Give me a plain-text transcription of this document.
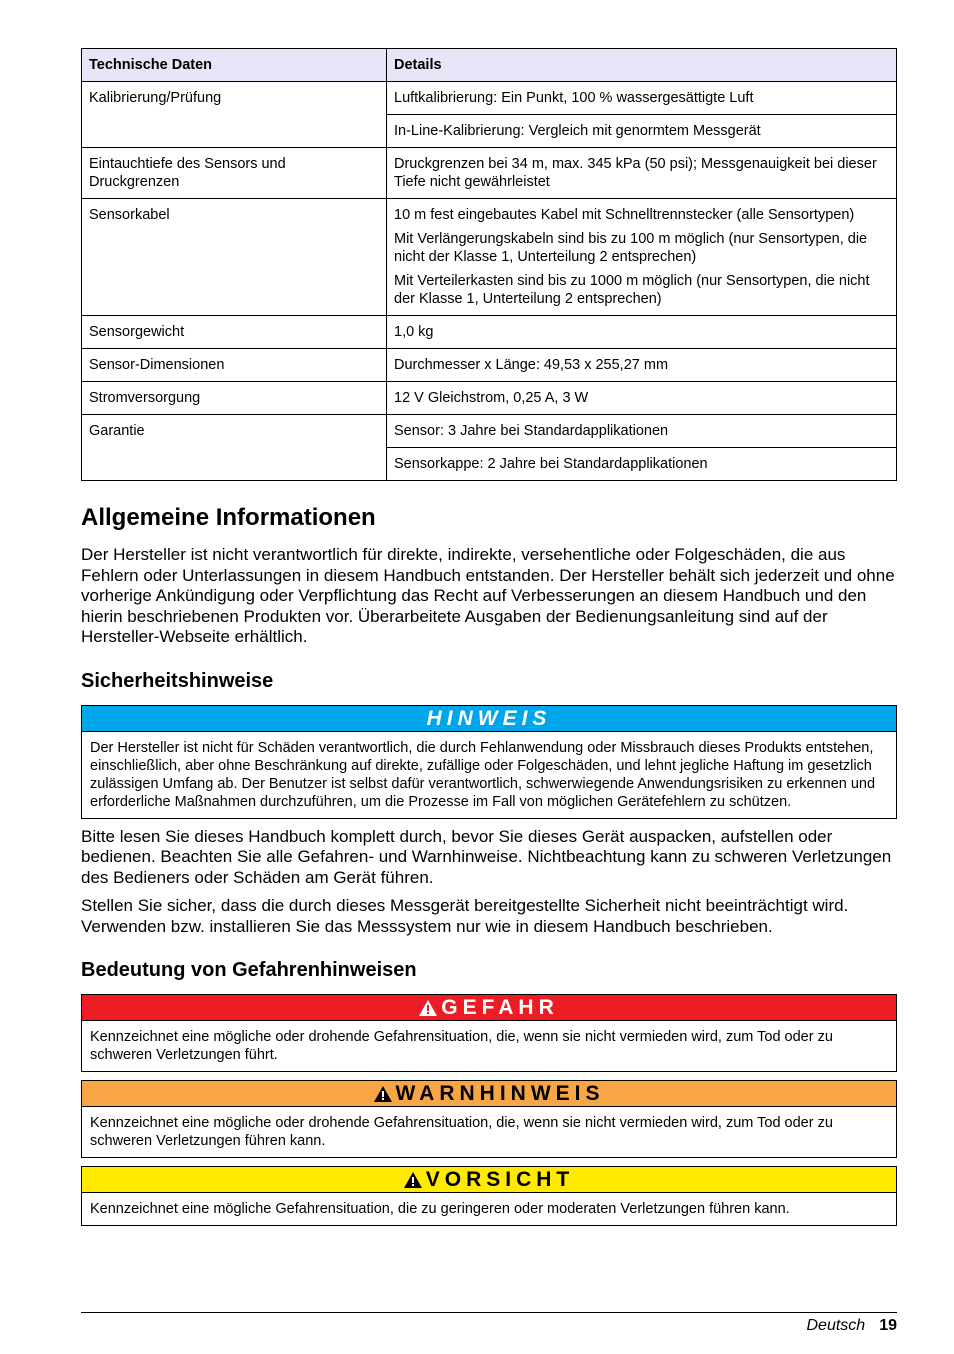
Technische Daten	Details
Kalibrierung/Prüfung	Luftkalibrierung: Ein Punkt, 100 % wassergesättigte Luft
	In-Line-Kalibrierung: Vergleich mit genormtem Messgerät
Eintauchtiefe des Sensors und Druckgrenzen	Druckgrenzen bei 34 m, max. 345 kPa (50 psi); Messgenauigkeit bei dieser Tiefe nicht gewährleistet
Sensorkabel	10 m fest eingebautes Kabel mit Schnelltrennstecker (alle Sensortypen)
Mit Verlängerungskabeln sind bis zu 100 m möglich (nur Sensortypen, die nicht der Klasse 1, Unterteilung 2 entsprechen)
Mit Verteilerkasten sind bis zu 1000 m möglich (nur Sensortypen, die nicht der Klasse 1, Unterteilung 2 entsprechen)

Sensorgewicht	1,0 kg
Sensor-Dimensionen	Durchmesser x Länge: 49,53 x 255,27 mm
Stromversorgung	12 V Gleichstrom, 0,25 A, 3 W
Garantie	Sensor: 3 Jahre bei Standardapplikationen
	Sensorkappe: 2 Jahre bei Standardapplikationen
Allgemeine Informationen

Der Hersteller ist nicht verantwortlich für direkte, indirekte, versehentliche oder Folgeschäden, die aus Fehlern oder Unterlassungen in diesem Handbuch entstanden. Der Hersteller behält sich jederzeit und ohne vorherige Ankündigung oder Verpflichtung das Recht auf Verbesserungen an diesem Handbuch und den hierin beschriebenen Produkten vor. Überarbeitete Ausgaben der Bedienungsanleitung sind auf der Hersteller-Webseite erhältlich.

Sicherheitshinweise
HINWEIS
Der Hersteller ist nicht für Schäden verantwortlich, die durch Fehlanwendung oder Missbrauch dieses Produkts entstehen, einschließlich, aber ohne Beschränkung auf direkte, zufällige oder Folgeschäden, und lehnt jegliche Haftung im gesetzlich zulässigen Umfang ab. Der Benutzer ist selbst dafür verantwortlich, schwerwiegende Anwendungsrisiken zu erkennen und erforderliche Maßnahmen durchzuführen, um die Prozesse im Fall von möglichen Gerätefehlern zu schützen.

Bitte lesen Sie dieses Handbuch komplett durch, bevor Sie dieses Gerät auspacken, aufstellen oder bedienen. Beachten Sie alle Gefahren- und Warnhinweise. Nichtbeachtung kann zu schweren Verletzungen des Bedieners oder Schäden am Gerät führen.

Stellen Sie sicher, dass die durch dieses Messgerät bereitgestellte Sicherheit nicht beeinträchtigt wird. Verwenden bzw. installieren Sie das Messsystem nur wie in diesem Handbuch beschrieben.

Bedeutung von Gefahrenhinweisen
GEFAHR
Kennzeichnet eine mögliche oder drohende Gefahrensituation, die, wenn sie nicht vermieden wird, zum Tod oder zu schweren Verletzungen führt.
WARNHINWEIS
Kennzeichnet eine mögliche oder drohende Gefahrensituation, die, wenn sie nicht vermieden wird, zum Tod oder zu schweren Verletzungen führen kann.
VORSICHT
Kennzeichnet eine mögliche Gefahrensituation, die zu geringeren oder moderaten Verletzungen führen kann.
Deutsch 19
